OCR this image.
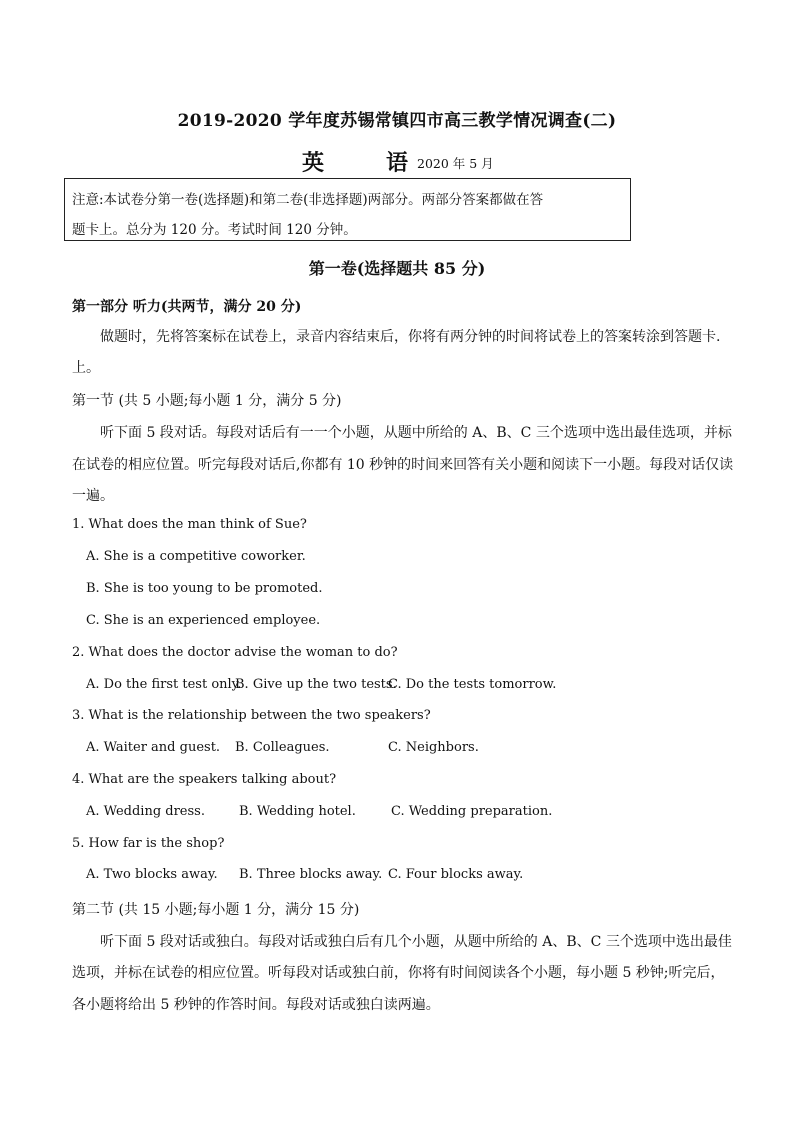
2019-2020 学年度苏锡常镇四市高三教学情况调查(二)
英	语 2020 年 5 月
注意:本试卷分第一卷(选择题)和第二卷(非选择题)两部分。两部分答案都做在答
题卡上。总分为 120 分。考试时间 120 分钟。
第一卷(选择题共 85 分)
第一部分 听力(共两节，满分 20 分)
做题时，先将答案标在试卷上，录音内容结束后，你将有两分钟的时间将试卷上的答案转涂到答题卡.
上。
第一节 (共 5 小题;每小题 1 分，满分 5 分)
听下面 5 段对话。每段对话后有一一个小题，从题中所给的 A、B、C 三个选项中选出最佳选项，并标
在试卷的相应位置。听完每段对话后,你都有 10 秒钟的时间来回答有关小题和阅读下一小题。每段对话仅读
一遍。
1. What does the man think of Sue?
A. She is a competitive coworker.
B. She is too young to be promoted.
C. She is an experienced employee.
2. What does the doctor advise the woman to do?
A. Do the first test only.
B. Give up the two tests.
C. Do the tests tomorrow.
3. What is the relationship between the two speakers?
A. Waiter and guest. B. Colleagues.	C. Neighbors.
4. What are the speakers talking about?
A. Wedding dress.	B. Wedding hotel.	C. Wedding preparation.
5. How far is the shop?
A. Two blocks away. B. Three blocks away. C. Four blocks away.
第二节 (共 15 小题;每小题 1 分，满分 15 分)
听下面 5 段对话或独白。每段对话或独白后有几个小题，从题中所给的 A、B、C 三个选项中选出最佳
选项，并标在试卷的相应位置。听每段对话或独白前，你将有时间阅读各个小题，每小题 5 秒钟;听完后，
各小题将给出 5 秒钟的作答时间。每段对话或独白读两遍。
